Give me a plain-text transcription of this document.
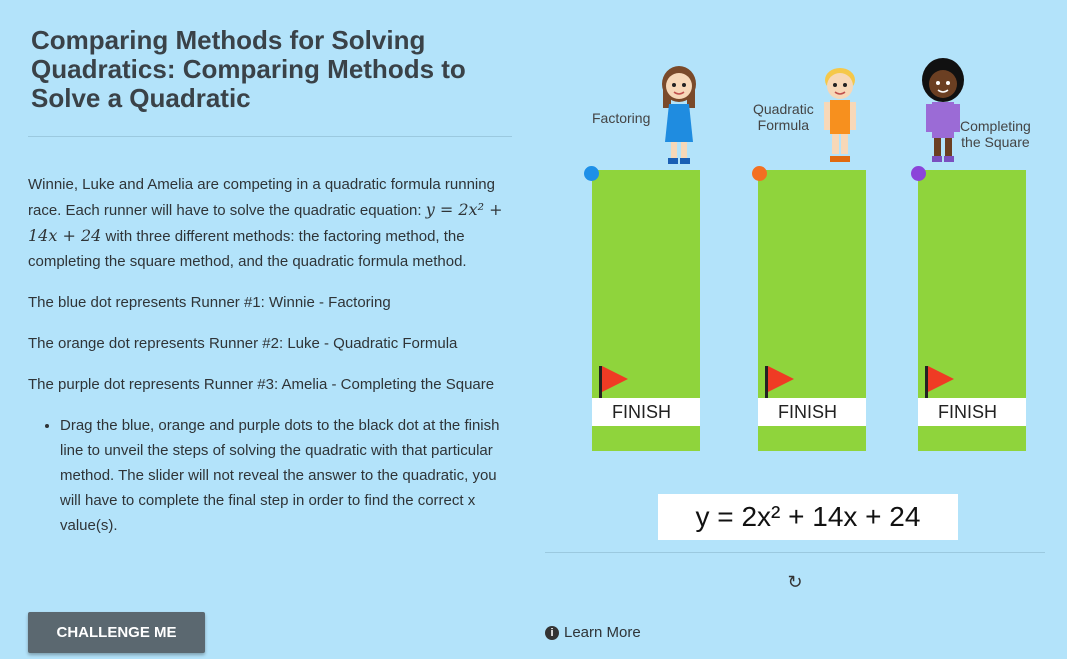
Comparing Methods for Solving Quadratics: Comparing Methods to Solve a Quadratic

Winnie, Luke and Amelia are competing in a quadratic formula running race. Each runner will have to solve the quadratic equation: y = 2x² + 14x + 24 with three different methods: the factoring method, the completing the square method, and the quadratic formula method.

The blue dot represents Runner #1: Winnie - Factoring

The orange dot represents Runner #2: Luke - Quadratic Formula

The purple dot represents Runner #3: Amelia - Completing the Square

• Drag the blue, orange and purple dots to the black dot at the finish line to unveil the steps of solving the quadratic with that particular method. The slider will not reveal the answer to the quadratic, you will have to complete the final step in order to find the correct x value(s).
CHALLENGE ME
Factoring
FINISH
Quadratic
Formula
FINISH
Completing
the Square
FINISH
y = 2x² + 14x + 24
↻
i Learn More
